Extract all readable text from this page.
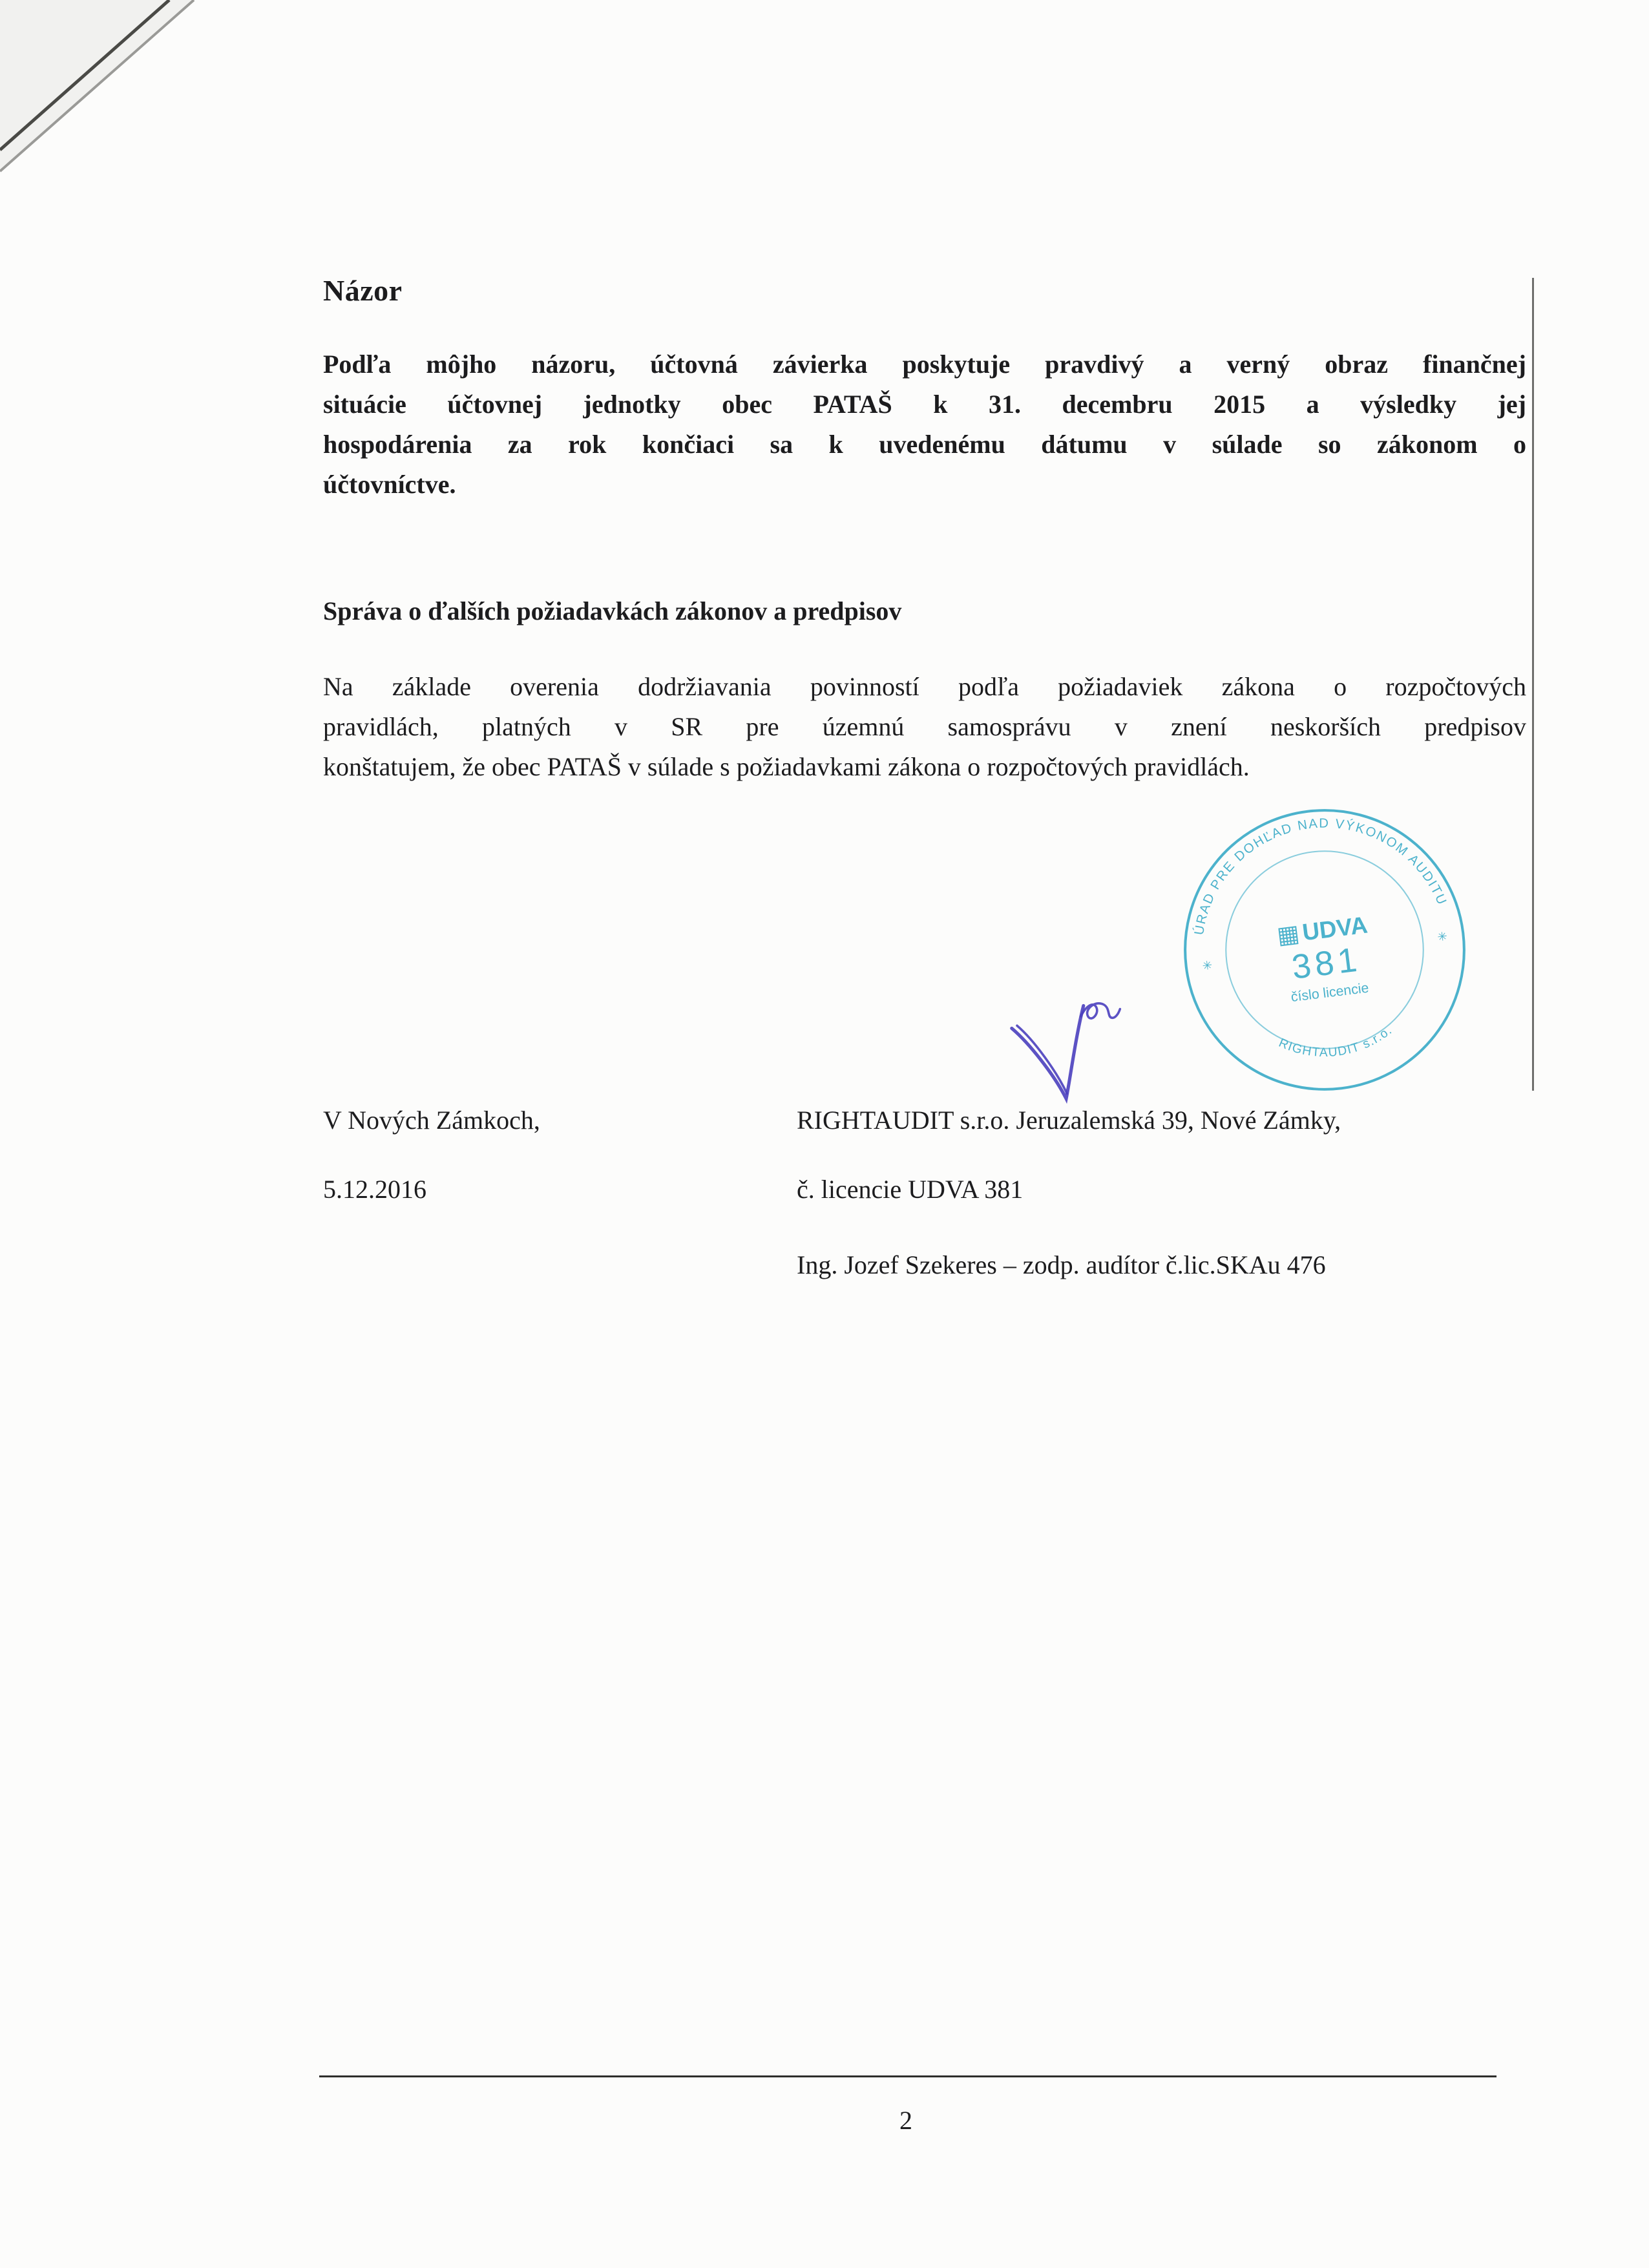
Názor
Podľa môjho názoru, účtovná závierka poskytuje pravdivý a verný obraz finančnej
situácie účtovnej jednotky obec PATAŠ k 31. decembru 2015 a výsledky jej
hospodárenia za rok končiaci sa k uvedenému dátumu v súlade so zákonom o
účtovníctve.
Správa o ďalších požiadavkách zákonov a predpisov
Na základe overenia dodržiavania povinností podľa požiadaviek zákona o rozpočtových
pravidlách, platných v SR pre územnú samosprávu v znení neskorších predpisov
konštatujem, že obec PATAŠ v súlade s požiadavkami zákona o rozpočtových pravidlách.
ÚRAD PRE DOHĽAD NAD VÝKONOM AUDITU
RIGHTAUDIT s.r.o.
✳
✳
▦UDVA
381
číslo licencie
V Nových Zámkoch,	RIGHTAUDIT s.r.o. Jeruzalemská 39, Nové Zámky,
5.12.2016	č. licencie UDVA 381
Ing. Jozef Szekeres – zodp. audítor č.lic.SKAu 476
2
